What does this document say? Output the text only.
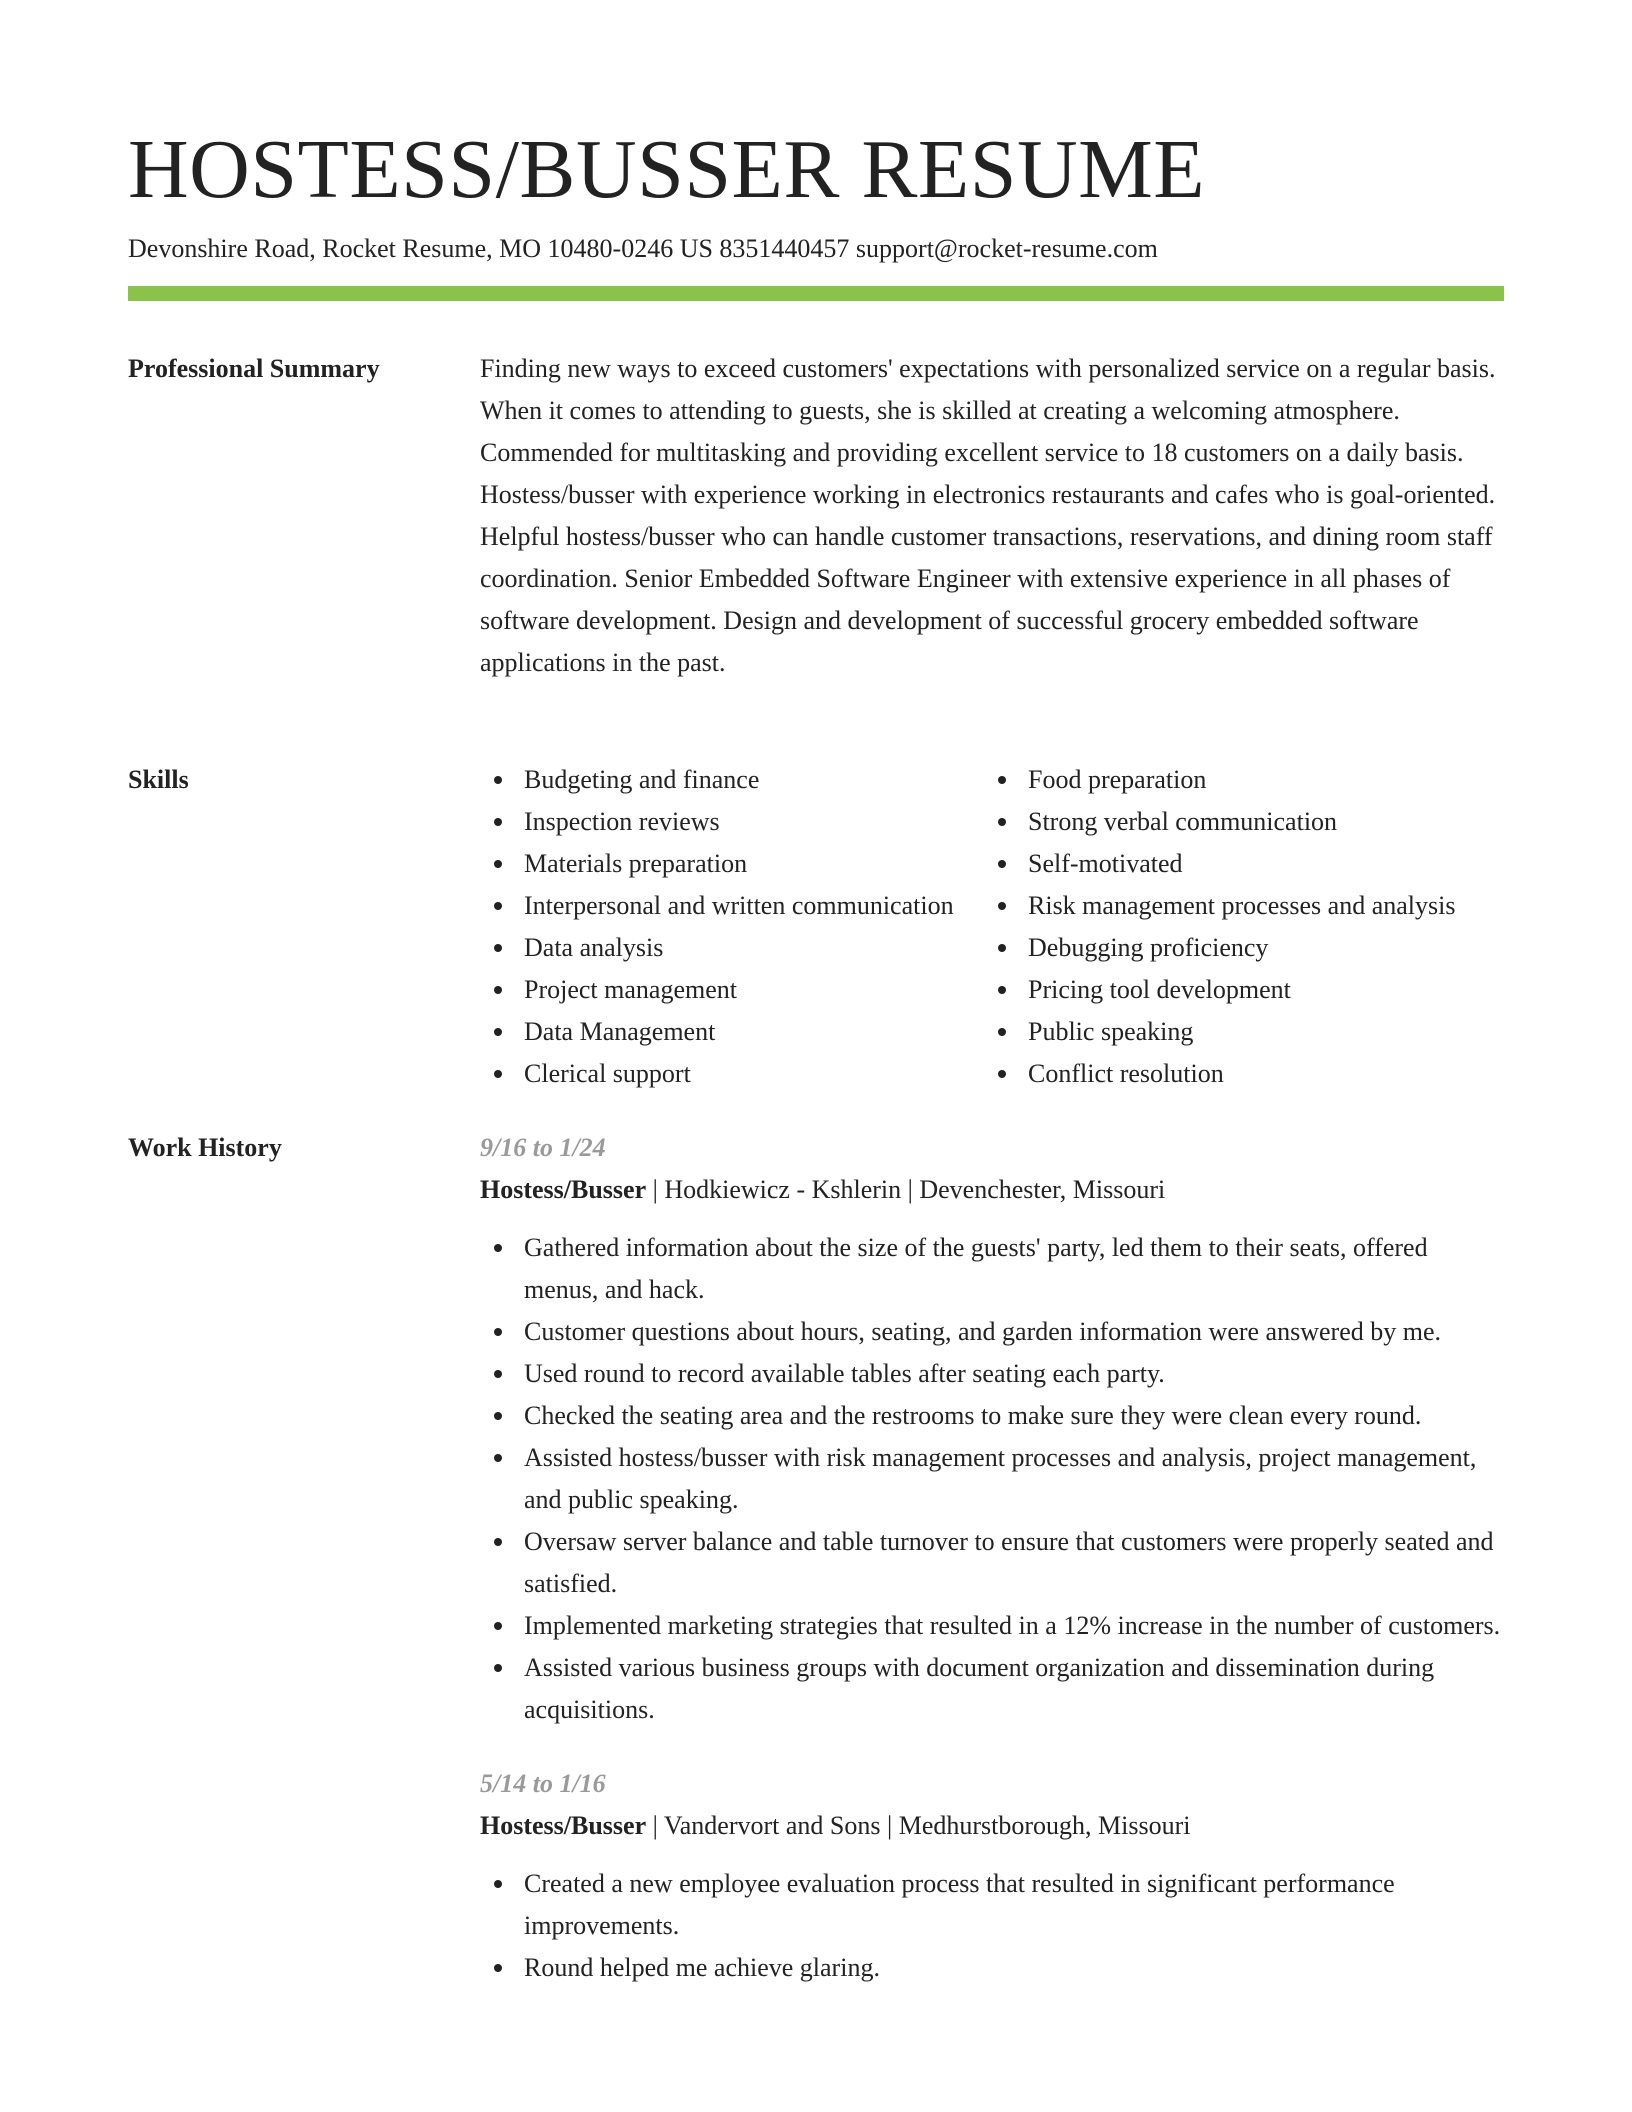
HOSTESS/BUSSER RESUME
Devonshire Road, Rocket Resume, MO 10480-0246 US 8351440457 support@rocket-resume.com
Professional Summary	Finding new ways to exceed customers' expectations with personalized service on a regular basis. When it comes to attending to guests, she is skilled at creating a welcoming atmosphere. Commended for multitasking and providing excellent service to 18 customers on a daily basis. Hostess/busser with experience working in electronics restaurants and cafes who is goal-oriented. Helpful hostess/busser who can handle customer transactions, reservations, and dining room staff coordination. Senior Embedded Software Engineer with extensive experience in all phases of software development. Design and development of successful grocery embedded software applications in the past.

Skills	Budgeting and finance
Inspection reviews
Materials preparation
Interpersonal and written communication
Data analysis
Project management
Data Management
Clerical support
Food preparation
Strong verbal communication
Self-motivated
Risk management processes and analysis
Debugging proficiency
Pricing tool development
Public speaking
Conflict resolution
Work History	9/16 to 1/24
Hostess/Busser | Hodkiewicz - Kshlerin | Devenchester, Missouri
Gathered information about the size of the guests' party, led them to their seats, offered menus, and hack.
Customer questions about hours, seating, and garden information were answered by me.
Used round to record available tables after seating each party.
Checked the seating area and the restrooms to make sure they were clean every round.
Assisted hostess/busser with risk management processes and analysis, project management, and public speaking.
Oversaw server balance and table turnover to ensure that customers were properly seated and satisfied.
Implemented marketing strategies that resulted in a 12% increase in the number of customers.
Assisted various business groups with document organization and dissemination during acquisitions.
5/14 to 1/16
Hostess/Busser | Vandervort and Sons | Medhurstborough, Missouri
Created a new employee evaluation process that resulted in significant performance improvements.
Round helped me achieve glaring.
